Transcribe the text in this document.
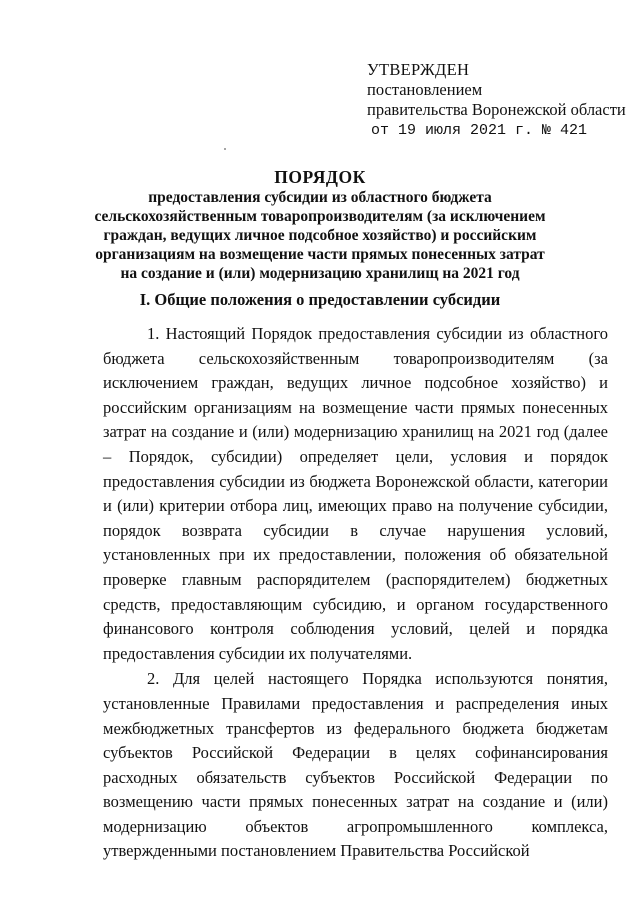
УТВЕРЖДЕН
постановлением
правительства Воронежской области
от 19 июля 2021 г. № 421
ПОРЯДОК
предоставления субсидии из областного бюджета сельскохозяйственным товаропроизводителям (за исключением граждан, ведущих личное подсобное хозяйство) и российским организациям на возмещение части прямых понесенных затрат на создание и (или) модернизацию хранилищ на 2021 год
I. Общие положения о предоставлении субсидии

1. Настоящий Порядок предоставления субсидии из областного бюджета сельскохозяйственным товаропроизводителям (за исключением граждан, ведущих личное подсобное хозяйство) и российским организациям на возмещение части прямых понесенных затрат на создание и (или) модернизацию хранилищ на 2021 год (далее – Порядок, субсидии) определяет цели, условия и порядок предоставления субсидии из бюджета Воронежской области, категории и (или) критерии отбора лиц, имеющих право на получение субсидии, порядок возврата субсидии в случае нарушения условий, установленных при их предоставлении, положения об обязательной проверке главным распорядителем (распорядителем) бюджетных средств, предоставляющим субсидию, и органом государственного финансового контроля соблюдения условий, целей и порядка предоставления субсидии их получателями.

2. Для целей настоящего Порядка используются понятия, установленные Правилами предоставления и распределения иных межбюджетных трансфертов из федерального бюджета бюджетам субъектов Российской Федерации в целях софинансирования расходных обязательств субъектов Российской Федерации по возмещению части прямых понесенных затрат на создание и (или) модернизацию объектов агропромышленного комплекса, утвержденными постановлением Правительства Российской
